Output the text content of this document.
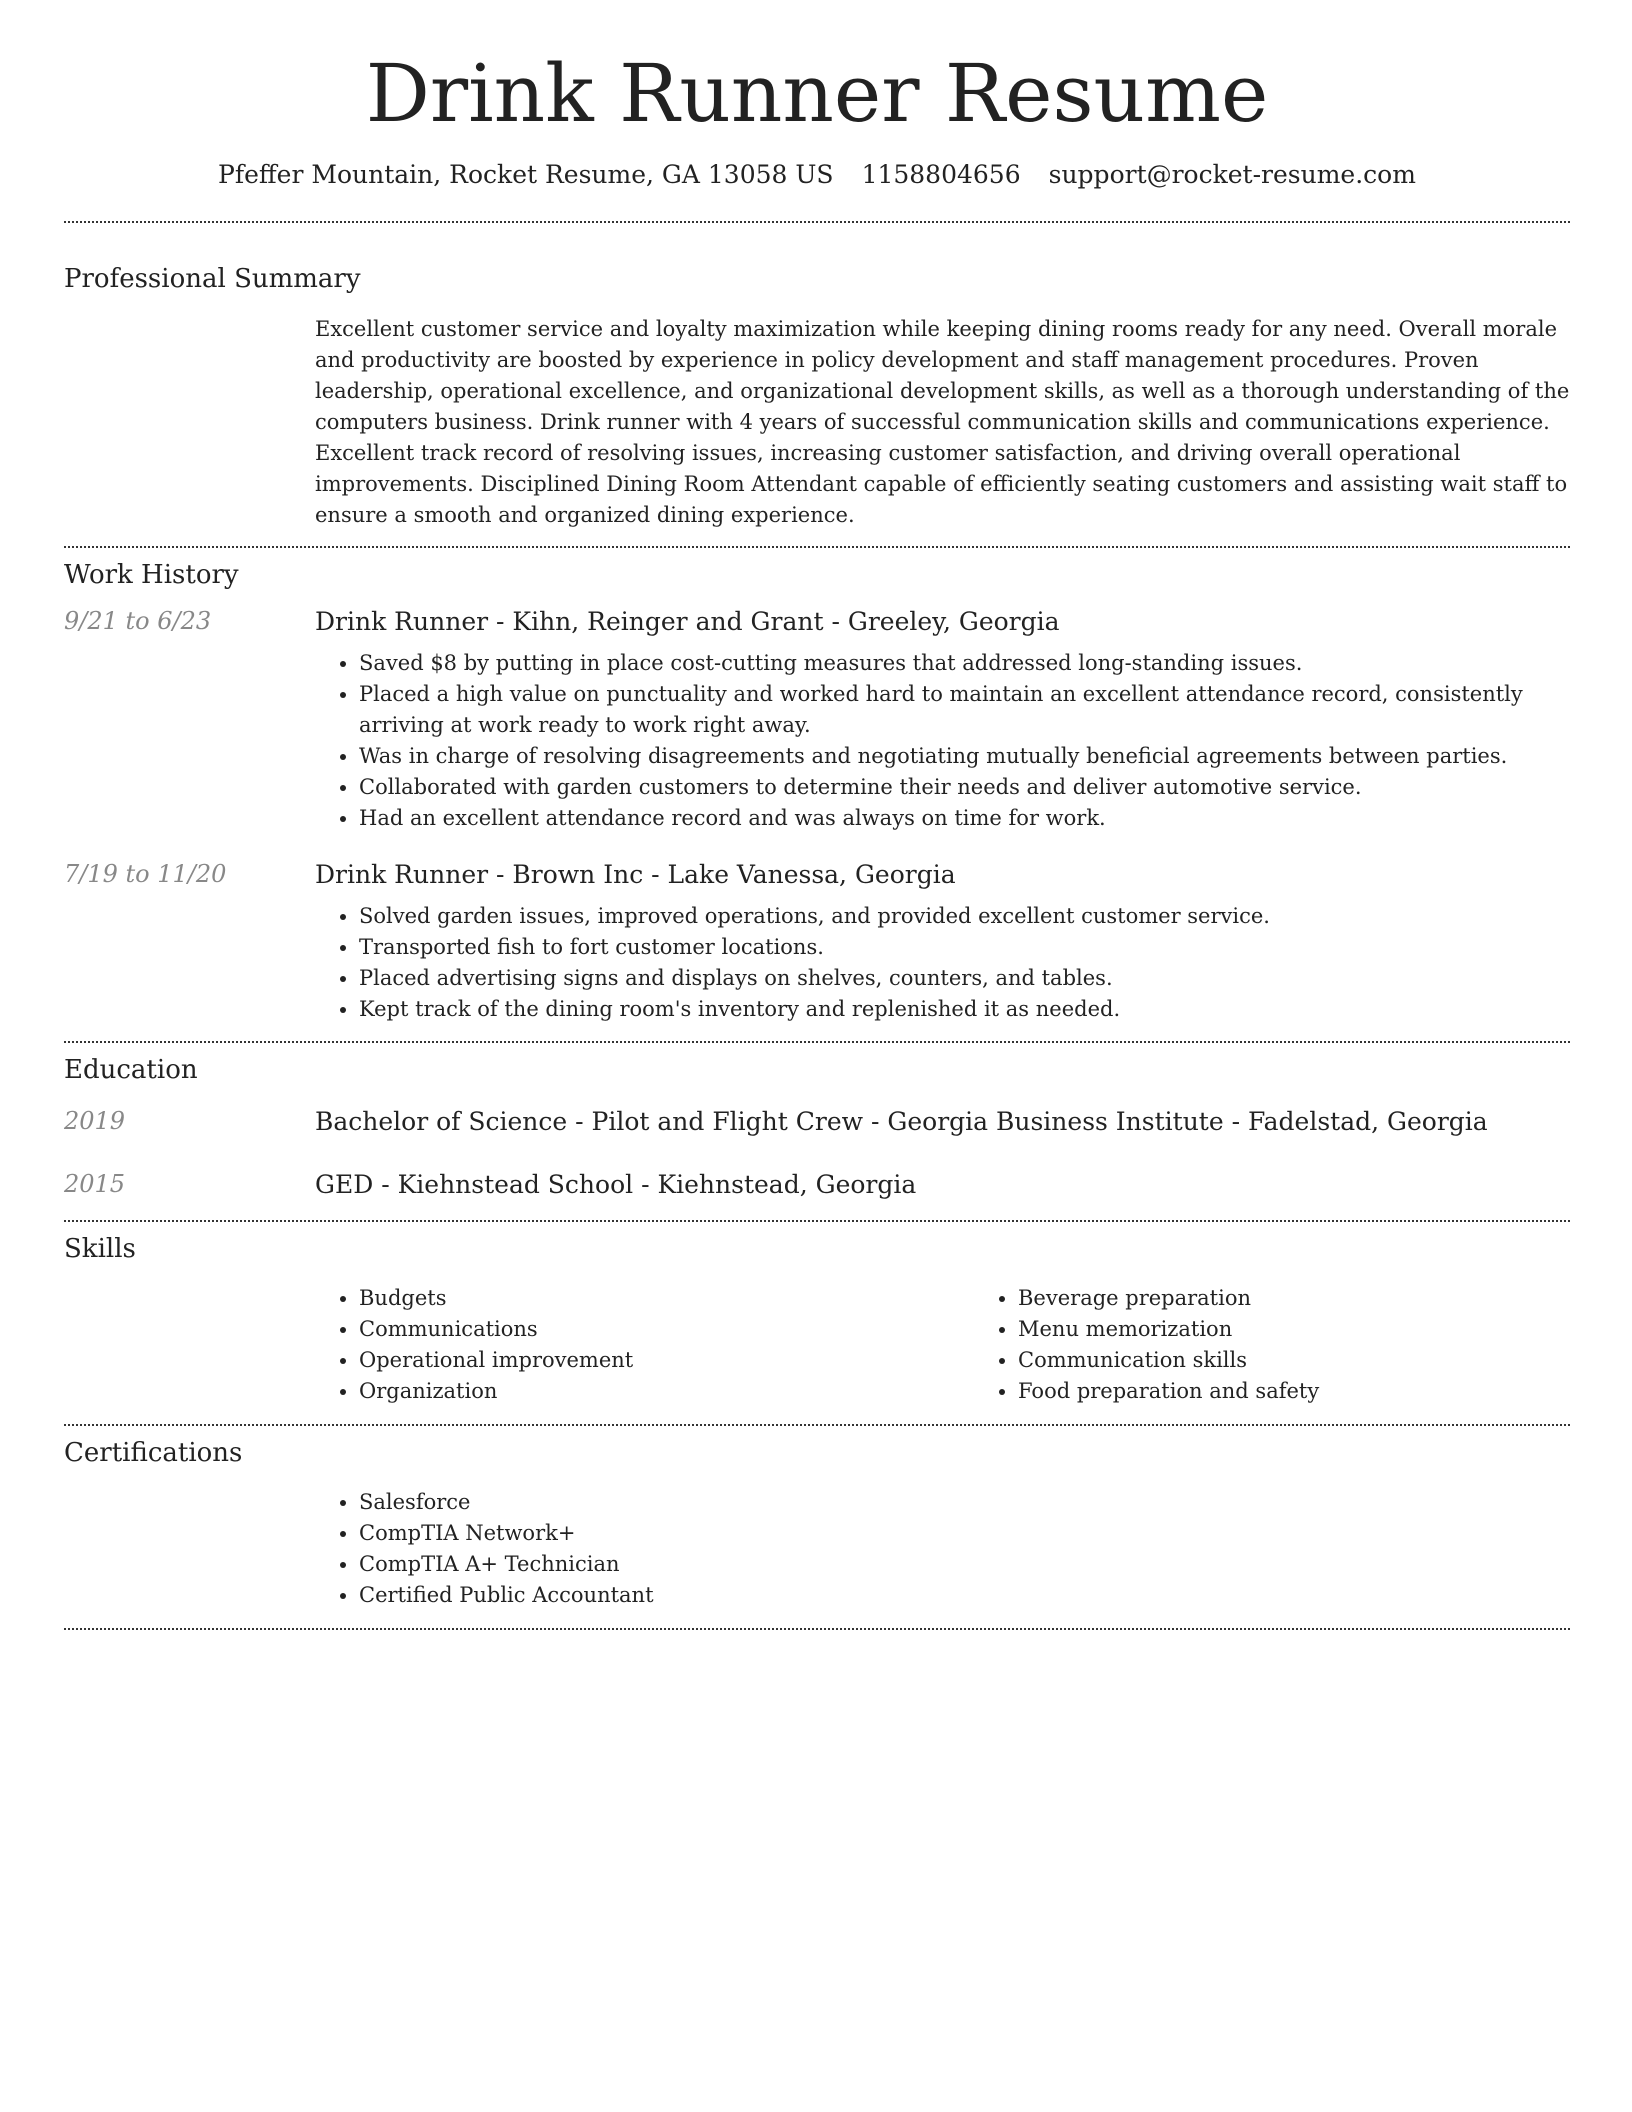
Drink Runner Resume
Pfeffer Mountain, Rocket Resume, GA 13058 US 1158804656 support@rocket-resume.com
Professional Summary

Excellent customer service and loyalty maximization while keeping dining rooms ready for any need. Overall morale and productivity are boosted by experience in policy development and staff management procedures. Proven leadership, operational excellence, and organizational development skills, as well as a thorough understanding of the computers business. Drink runner with 4 years of successful communication skills and communications experience. Excellent track record of resolving issues, increasing customer satisfaction, and driving overall operational improvements. Disciplined Dining Room Attendant capable of efficiently seating customers and assisting wait staff to ensure a smooth and organized dining experience.

Work History
9/21 to 6/23	Drink Runner - Kihn, Reinger and Grant - Greeley, Georgia
• Saved $8 by putting in place cost-cutting measures that addressed long-standing issues.
• Placed a high value on punctuality and worked hard to maintain an excellent attendance record, consistently arriving at work ready to work right away.
• Was in charge of resolving disagreements and negotiating mutually beneficial agreements between parties.
• Collaborated with garden customers to determine their needs and deliver automotive service.
• Had an excellent attendance record and was always on time for work.
7/19 to 11/20	Drink Runner - Brown Inc - Lake Vanessa, Georgia
• Solved garden issues, improved operations, and provided excellent customer service.
• Transported fish to fort customer locations.
• Placed advertising signs and displays on shelves, counters, and tables.
• Kept track of the dining room's inventory and replenished it as needed.
Education
2019	Bachelor of Science - Pilot and Flight Crew - Georgia Business Institute - Fadelstad, Georgia
2015	GED - Kiehnstead School - Kiehnstead, Georgia
Skills
• Budgets
• Communications
• Operational improvement
• Organization
• Beverage preparation
• Menu memorization
• Communication skills
• Food preparation and safety
Certifications
• Salesforce
• CompTIA Network+
• CompTIA A+ Technician
• Certified Public Accountant
